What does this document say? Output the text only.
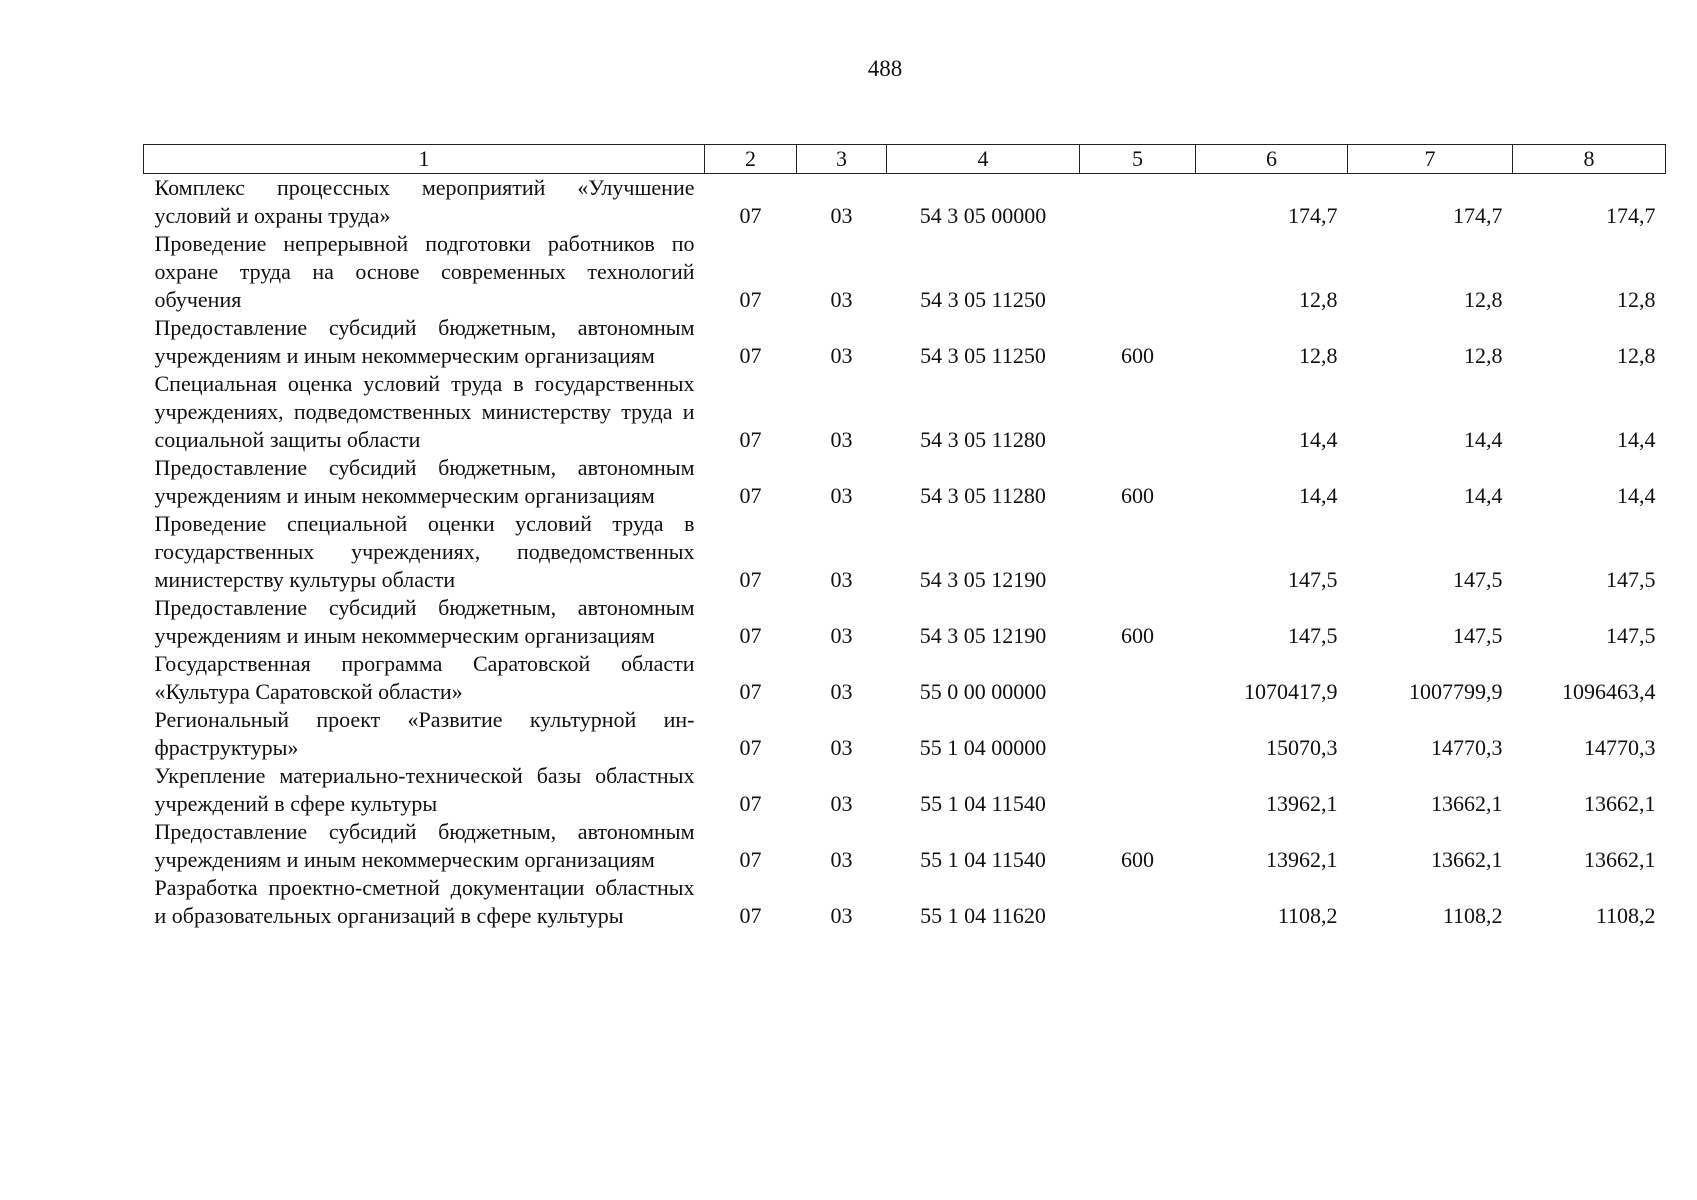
488
1	2	3	4	5	6	7	8
Комплекс процессных мероприятий «Улучшение условий и охраны труда»	07	03	54 3 05 00000		174,7	174,7	174,7
Проведение непрерывной подготовки работников по охране труда на основе современных технологий обучения	07	03	54 3 05 11250		12,8	12,8	12,8
Предоставление субсидий бюджетным, автономным учреждениям и иным некоммерческим организациям	07	03	54 3 05 11250	600	12,8	12,8	12,8
Специальная оценка условий труда в государственных учреждениях, подведомственных министерству труда и социальной защиты области	07	03	54 3 05 11280		14,4	14,4	14,4
Предоставление субсидий бюджетным, автономным учреждениям и иным некоммерческим организациям	07	03	54 3 05 11280	600	14,4	14,4	14,4
Проведение специальной оценки условий труда в государственных учреждениях, подведомственных министерству культуры области	07	03	54 3 05 12190		147,5	147,5	147,5
Предоставление субсидий бюджетным, автономным учреждениям и иным некоммерческим организациям	07	03	54 3 05 12190	600	147,5	147,5	147,5
Государственная программа Саратовской области «Культура Саратовской области»	07	03	55 0 00 00000		1070417,9	1007799,9	1096463,4
Региональный проект «Развитие культурной инфраструктуры»	07	03	55 1 04 00000		15070,3	14770,3	14770,3
Укрепление материально-технической базы областных учреждений в сфере культуры	07	03	55 1 04 11540		13962,1	13662,1	13662,1
Предоставление субсидий бюджетным, автономным учреждениям и иным некоммерческим организациям	07	03	55 1 04 11540	600	13962,1	13662,1	13662,1
Разработка проектно-сметной документации областных и образовательных организаций в сфере культуры	07	03	55 1 04 11620		1108,2	1108,2	1108,2
